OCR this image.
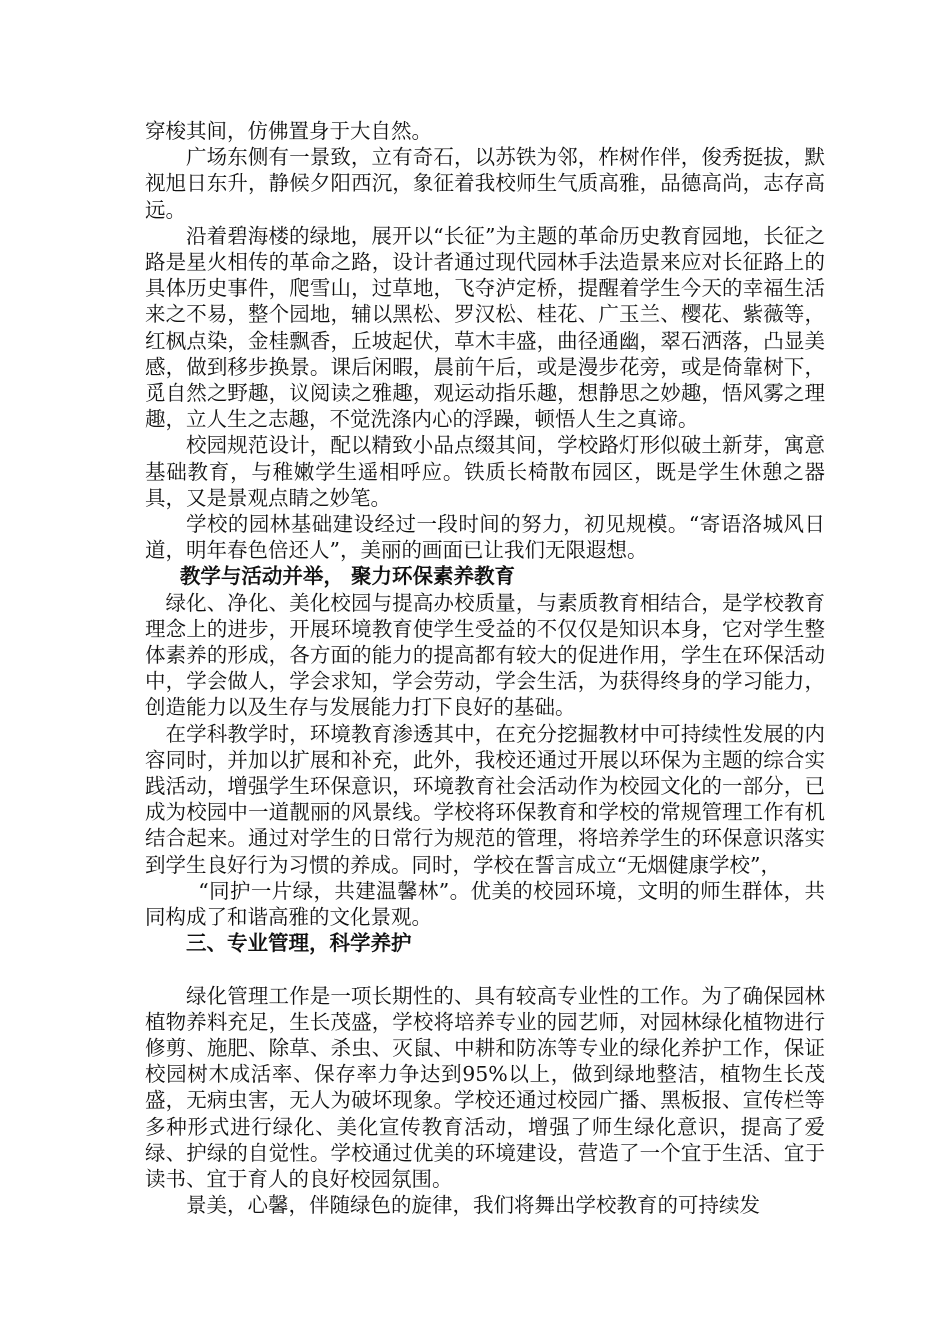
穿梭其间，仿佛置身于大自然。

广场东侧有一景致，立有奇石，以苏铁为邻，柞树作伴，俊秀挺拔，默视旭日东升，静候夕阳西沉，象征着我校师生气质高雅，品德高尚，志存高远。

沿着碧海楼的绿地，展开以“长征”为主题的革命历史教育园地，长征之路是星火相传的革命之路，设计者通过现代园林手法造景来应对长征路上的具体历史事件，爬雪山，过草地，飞夺泸定桥，提醒着学生今天的幸福生活来之不易，整个园地，辅以黑松、罗汉松、桂花、广玉兰、樱花、紫薇等，红枫点染，金桂飘香，丘坡起伏，草木丰盛，曲径通幽，翠石洒落，凸显美感，做到移步换景。课后闲暇，晨前午后，或是漫步花旁，或是倚靠树下，觅自然之野趣，议阅读之雅趣，观运动指乐趣，想静思之妙趣，悟风雾之理趣，立人生之志趣，不觉洗涤内心的浮躁，顿悟人生之真谛。

校园规范设计，配以精致小品点缀其间，学校路灯形似破土新芽，寓意基础教育，与稚嫩学生遥相呼应。铁质长椅散布园区，既是学生休憩之器具，又是景观点睛之妙笔。

学校的园林基础建设经过一段时间的努力，初见规模。“寄语洛城风日道，明年春色倍还人”，美丽的画面已让我们无限遐想。

教学与活动并举， 聚力环保素养教育

绿化、净化、美化校园与提高办校质量，与素质教育相结合，是学校教育理念上的进步，开展环境教育使学生受益的不仅仅是知识本身，它对学生整体素养的形成，各方面的能力的提高都有较大的促进作用，学生在环保活动中，学会做人，学会求知，学会劳动，学会生活，为获得终身的学习能力，创造能力以及生存与发展能力打下良好的基础。

在学科教学时，环境教育渗透其中，在充分挖掘教材中可持续性发展的内容同时，并加以扩展和补充，此外，我校还通过开展以环保为主题的综合实践活动，增强学生环保意识，环境教育社会活动作为校园文化的一部分，已成为校园中一道靓丽的风景线。学校将环保教育和学校的常规管理工作有机结合起来。通过对学生的日常行为规范的管理，将培养学生的环保意识落实到学生良好行为习惯的养成。同时，学校在誓言成立“无烟健康学校”，

“同护一片绿，共建温馨林”。优美的校园环境，文明的师生群体，共同构成了和谐高雅的文化景观。

三、专业管理，科学养护

绿化管理工作是一项长期性的、具有较高专业性的工作。为了确保园林植物养料充足，生长茂盛，学校将培养专业的园艺师，对园林绿化植物进行修剪、施肥、除草、杀虫、灭鼠、中耕和防冻等专业的绿化养护工作，保证校园树木成活率、保存率力争达到95%以上，做到绿地整洁，植物生长茂盛，无病虫害，无人为破坏现象。学校还通过校园广播、黑板报、宣传栏等多种形式进行绿化、美化宣传教育活动，增强了师生绿化意识，提高了爱绿、护绿的自觉性。学校通过优美的环境建设，营造了一个宜于生活、宜于读书、宜于育人的良好校园氛围。

景美，心馨，伴随绿色的旋律，我们将舞出学校教育的可持续发
